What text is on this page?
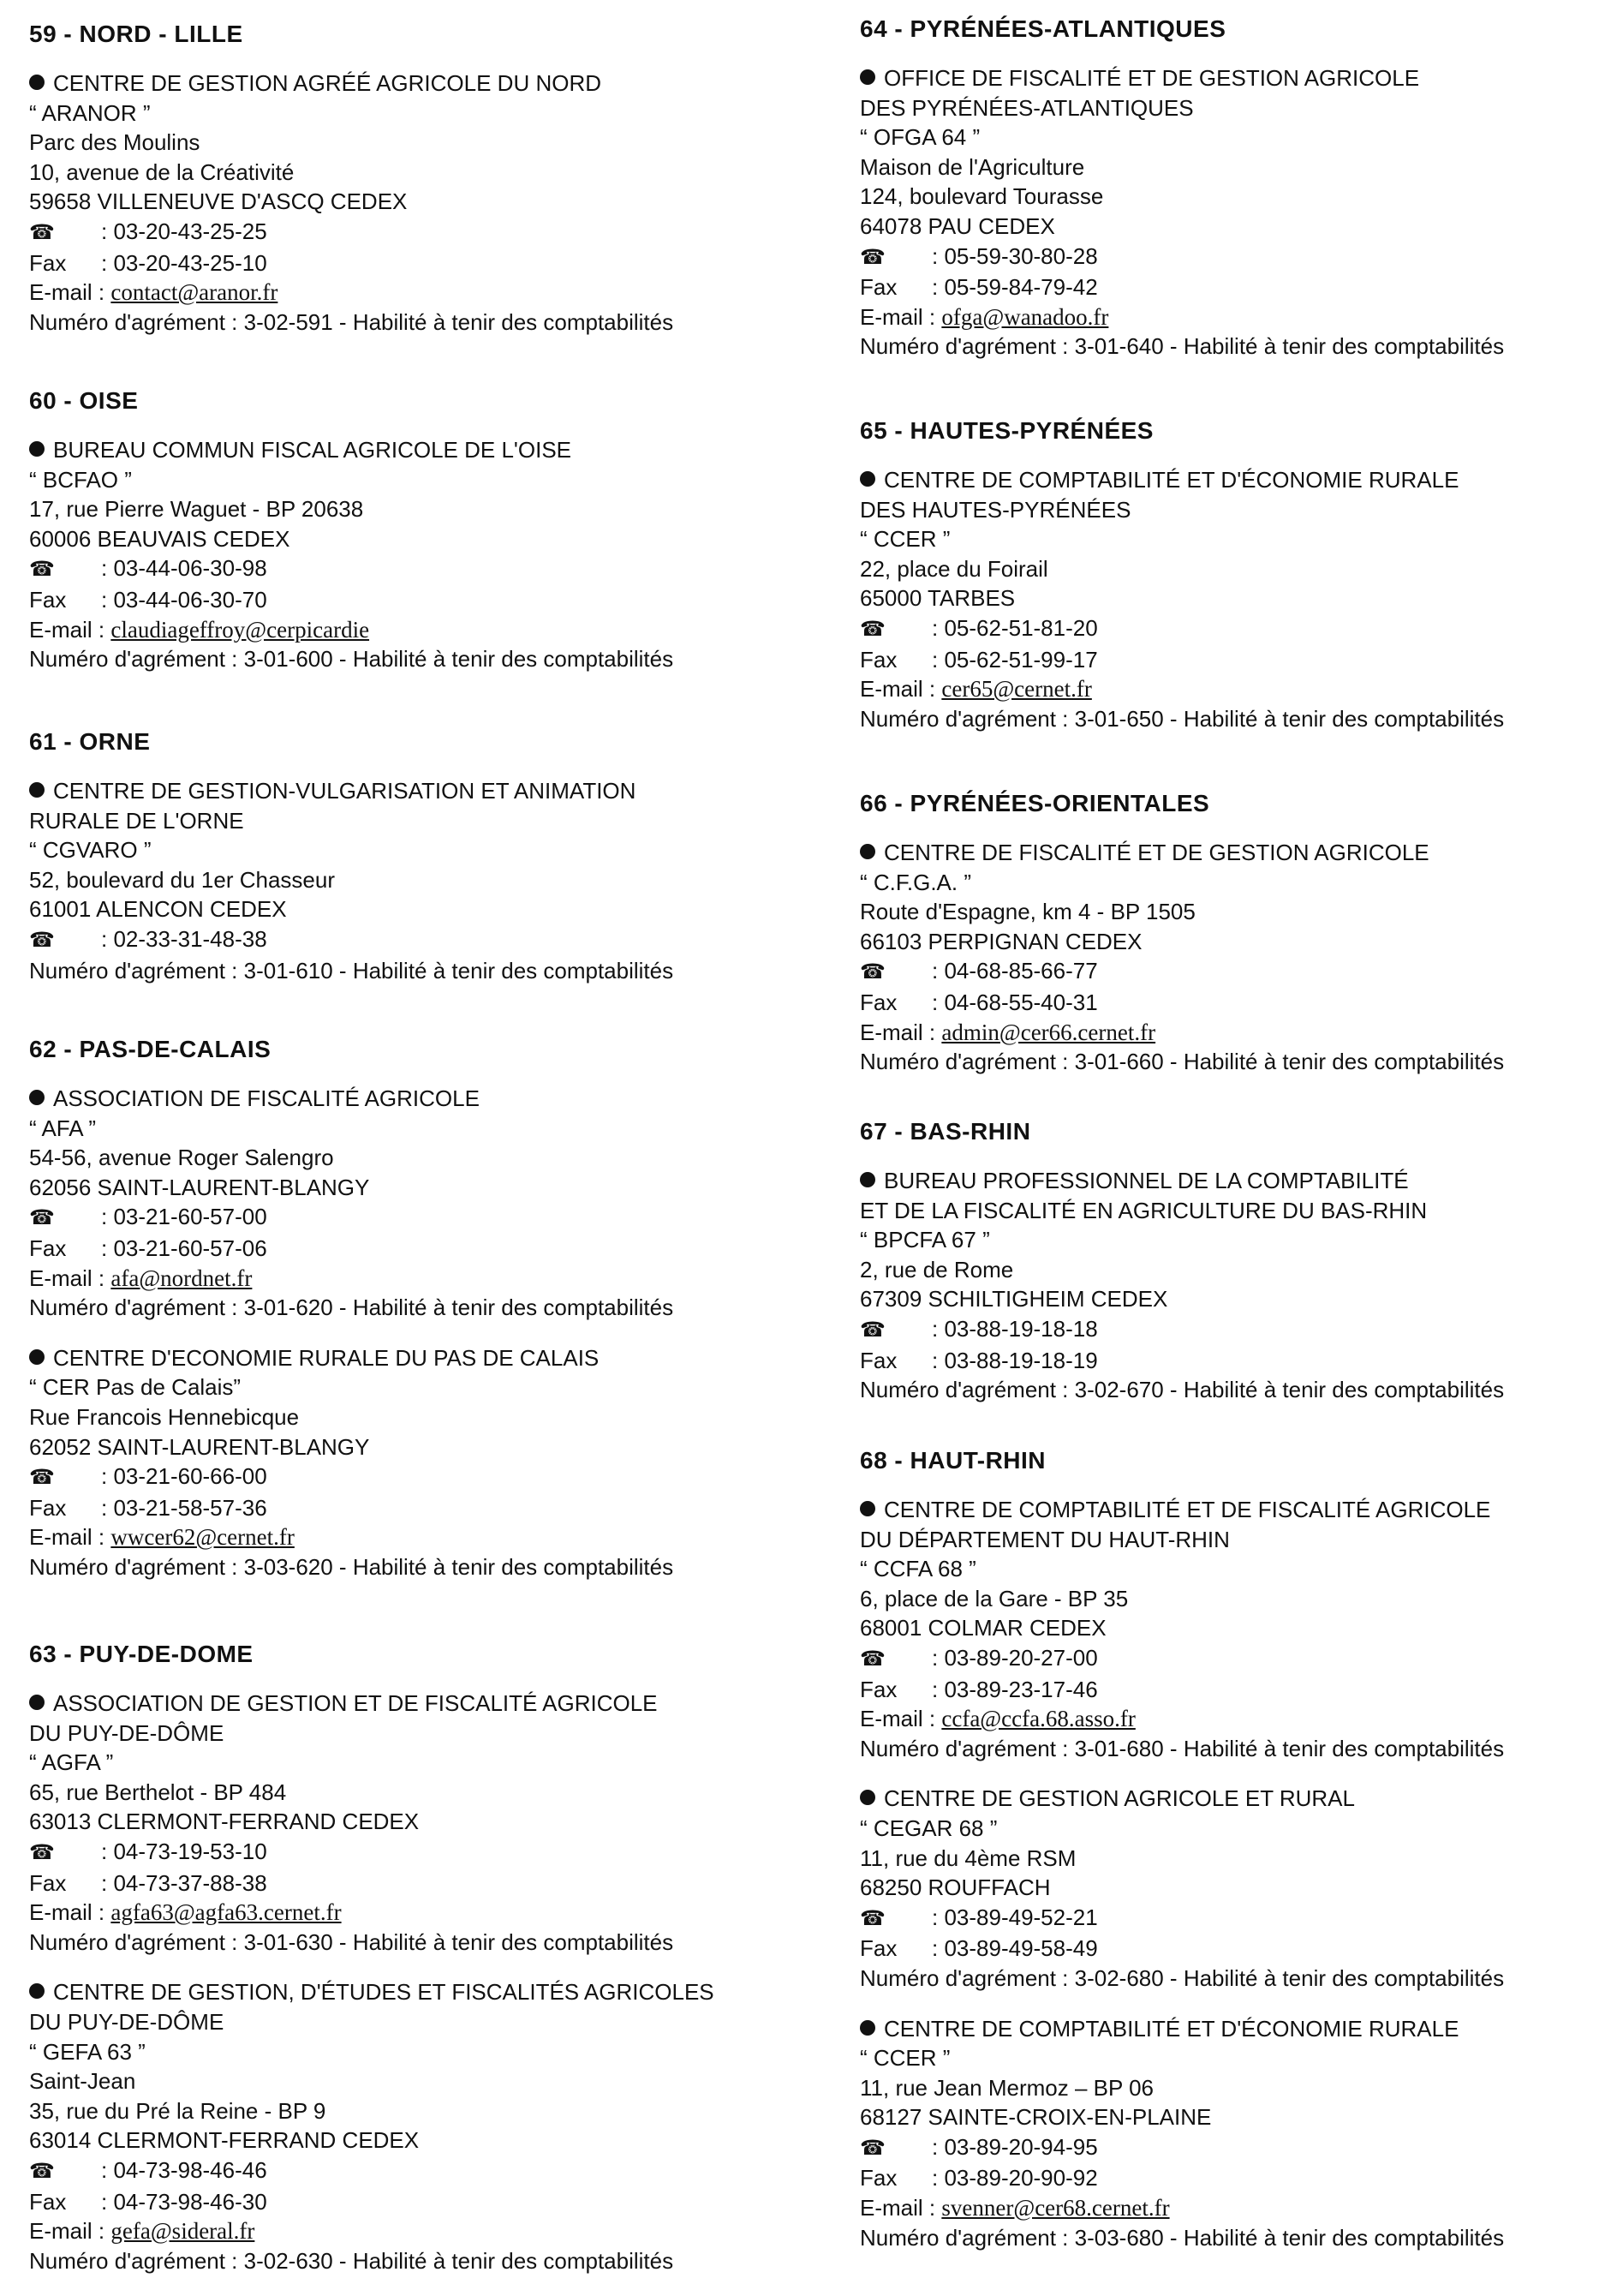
59 - NORD - LILLE
CENTRE DE GESTION AGRÉÉ AGRICOLE DU NORD
“ ARANOR ”
Parc des Moulins
10, avenue de la Créativité
59658 VILLENEUVE D'ASCQ CEDEX
☎ : 03-20-43-25-25
Fax : 03-20-43-25-10
E-mail : contact@aranor.fr
Numéro d'agrément : 3-02-591 - Habilité à tenir des comptabilités
60 - OISE
BUREAU COMMUN FISCAL AGRICOLE DE L'OISE
“ BCFAO ”
17, rue Pierre Waguet - BP 20638
60006 BEAUVAIS CEDEX
☎ : 03-44-06-30-98
Fax : 03-44-06-30-70
E-mail : claudiageffroy@cerpicardie
Numéro d'agrément : 3-01-600 - Habilité à tenir des comptabilités
61 - ORNE
CENTRE DE GESTION-VULGARISATION ET ANIMATION
RURALE DE L'ORNE
“ CGVARO ”
52, boulevard du 1er Chasseur
61001 ALENCON CEDEX
☎ : 02-33-31-48-38
Numéro d'agrément : 3-01-610 - Habilité à tenir des comptabilités
62 - PAS-DE-CALAIS
ASSOCIATION DE FISCALITÉ AGRICOLE
“ AFA ”
54-56, avenue Roger Salengro
62056 SAINT-LAURENT-BLANGY
☎ : 03-21-60-57-00
Fax : 03-21-60-57-06
E-mail : afa@nordnet.fr
Numéro d'agrément : 3-01-620 - Habilité à tenir des comptabilités
CENTRE D'ECONOMIE RURALE DU PAS DE CALAIS
“ CER Pas de Calais”
Rue Francois Hennebicque
62052 SAINT-LAURENT-BLANGY
☎ : 03-21-60-66-00
Fax : 03-21-58-57-36
E-mail : wwcer62@cernet.fr
Numéro d'agrément : 3-03-620 - Habilité à tenir des comptabilités
63 - PUY-DE-DOME
ASSOCIATION DE GESTION ET DE FISCALITÉ AGRICOLE
DU PUY-DE-DÔME
“ AGFA ”
65, rue Berthelot - BP 484
63013 CLERMONT-FERRAND CEDEX
☎ : 04-73-19-53-10
Fax : 04-73-37-88-38
E-mail : agfa63@agfa63.cernet.fr
Numéro d'agrément : 3-01-630 - Habilité à tenir des comptabilités
CENTRE DE GESTION, D'ÉTUDES ET FISCALITÉS AGRICOLES
DU PUY-DE-DÔME
“ GEFA 63 ”
Saint-Jean
35, rue du Pré la Reine - BP 9
63014 CLERMONT-FERRAND CEDEX
☎ : 04-73-98-46-46
Fax : 04-73-98-46-30
E-mail : gefa@sideral.fr
Numéro d'agrément : 3-02-630 - Habilité à tenir des comptabilités
64 - PYRÉNÉES-ATLANTIQUES
OFFICE DE FISCALITÉ ET DE GESTION AGRICOLE
DES PYRÉNÉES-ATLANTIQUES
“ OFGA 64 ”
Maison de l'Agriculture
124, boulevard Tourasse
64078 PAU CEDEX
☎ : 05-59-30-80-28
Fax : 05-59-84-79-42
E-mail : ofga@wanadoo.fr
Numéro d'agrément : 3-01-640 - Habilité à tenir des comptabilités
65 - HAUTES-PYRÉNÉES
CENTRE DE COMPTABILITÉ ET D'ÉCONOMIE RURALE
DES HAUTES-PYRÉNÉES
“ CCER ”
22, place du Foirail
65000 TARBES
☎ : 05-62-51-81-20
Fax : 05-62-51-99-17
E-mail : cer65@cernet.fr
Numéro d'agrément : 3-01-650 - Habilité à tenir des comptabilités
66 - PYRÉNÉES-ORIENTALES
CENTRE DE FISCALITÉ ET DE GESTION AGRICOLE
“ C.F.G.A. ”
Route d'Espagne, km 4 - BP 1505
66103 PERPIGNAN CEDEX
☎ : 04-68-85-66-77
Fax : 04-68-55-40-31
E-mail : admin@cer66.cernet.fr
Numéro d'agrément : 3-01-660 - Habilité à tenir des comptabilités
67 - BAS-RHIN
BUREAU PROFESSIONNEL DE LA COMPTABILITÉ
ET DE LA FISCALITÉ EN AGRICULTURE DU BAS-RHIN
“ BPCFA 67 ”
2, rue de Rome
67309 SCHILTIGHEIM CEDEX
☎ : 03-88-19-18-18
Fax : 03-88-19-18-19
Numéro d'agrément : 3-02-670 - Habilité à tenir des comptabilités
68 - HAUT-RHIN
CENTRE DE COMPTABILITÉ ET DE FISCALITÉ AGRICOLE
DU DÉPARTEMENT DU HAUT-RHIN
“ CCFA 68 ”
6, place de la Gare - BP 35
68001 COLMAR CEDEX
☎ : 03-89-20-27-00
Fax : 03-89-23-17-46
E-mail : ccfa@ccfa.68.asso.fr
Numéro d'agrément : 3-01-680 - Habilité à tenir des comptabilités
CENTRE DE GESTION AGRICOLE ET RURAL
“ CEGAR 68 ”
11, rue du 4ème RSM
68250 ROUFFACH
☎ : 03-89-49-52-21
Fax : 03-89-49-58-49
Numéro d'agrément : 3-02-680 - Habilité à tenir des comptabilités
CENTRE DE COMPTABILITÉ ET D'ÉCONOMIE RURALE
“ CCER ”
11, rue Jean Mermoz – BP 06
68127 SAINTE-CROIX-EN-PLAINE
☎ : 03-89-20-94-95
Fax : 03-89-20-90-92
E-mail : svenner@cer68.cernet.fr
Numéro d'agrément : 3-03-680 - Habilité à tenir des comptabilités
